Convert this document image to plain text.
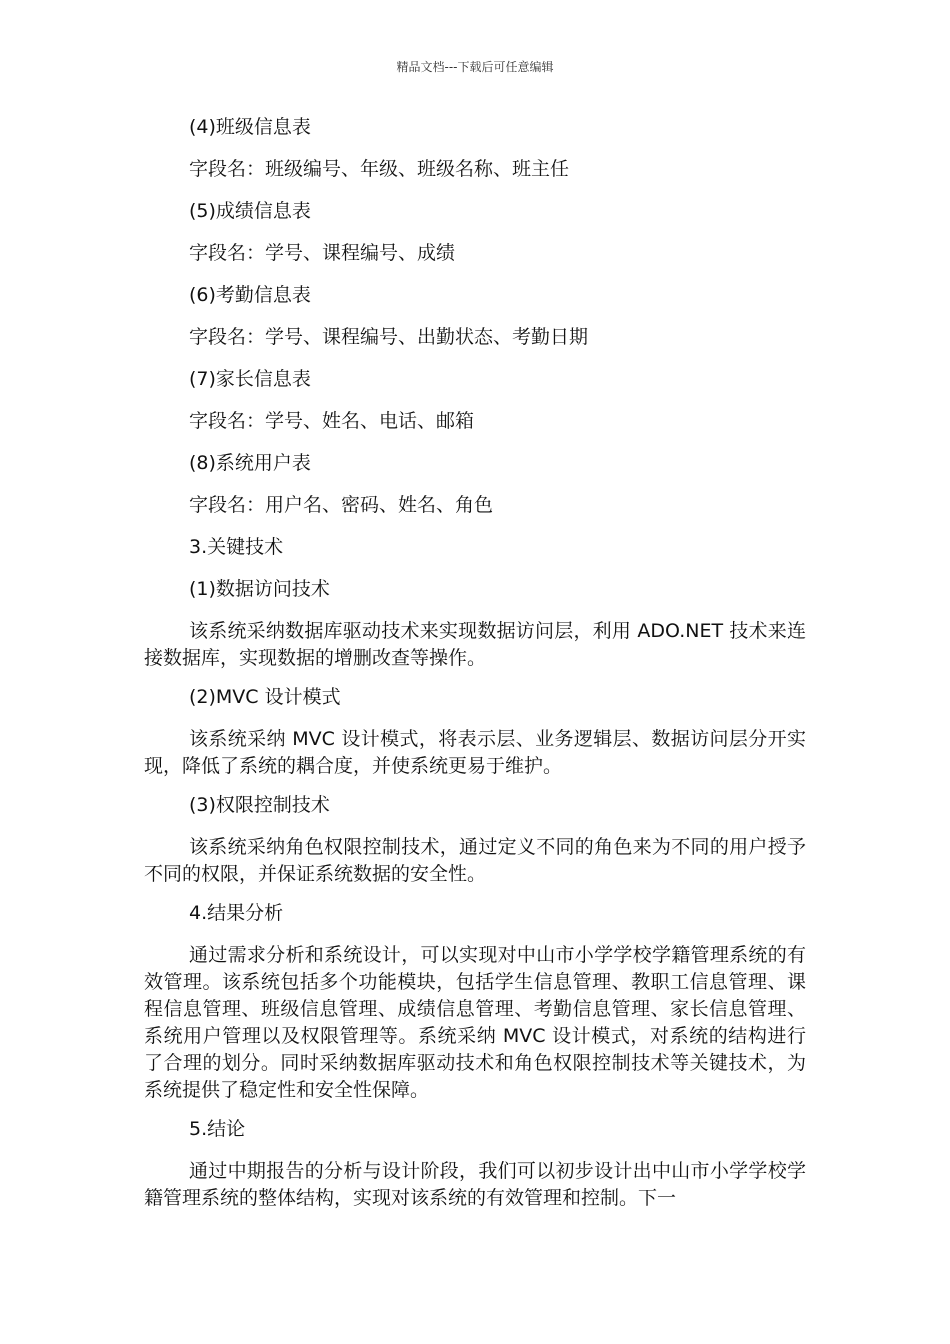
精品文档---下载后可任意编辑
(4)班级信息表
字段名：班级编号、年级、班级名称、班主任
(5)成绩信息表
字段名：学号、课程编号、成绩
(6)考勤信息表
字段名：学号、课程编号、出勤状态、考勤日期
(7)家长信息表
字段名：学号、姓名、电话、邮箱
(8)系统用户表
字段名：用户名、密码、姓名、角色
3.关键技术
(1)数据访问技术
该系统采纳数据库驱动技术来实现数据访问层，利用 ADO.NET 技术来连接数据库，实现数据的增删改查等操作。
(2)MVC 设计模式
该系统采纳 MVC 设计模式，将表示层、业务逻辑层、数据访问层分开实现，降低了系统的耦合度，并使系统更易于维护。
(3)权限控制技术
该系统采纳角色权限控制技术，通过定义不同的角色来为不同的用户授予不同的权限，并保证系统数据的安全性。
4.结果分析
通过需求分析和系统设计，可以实现对中山市小学学校学籍管理系统的有效管理。该系统包括多个功能模块，包括学生信息管理、教职工信息管理、课程信息管理、班级信息管理、成绩信息管理、考勤信息管理、家长信息管理、系统用户管理以及权限管理等。系统采纳 MVC 设计模式，对系统的结构进行了合理的划分。同时采纳数据库驱动技术和角色权限控制技术等关键技术，为系统提供了稳定性和安全性保障。
5.结论
通过中期报告的分析与设计阶段，我们可以初步设计出中山市小学学校学籍管理系统的整体结构，实现对该系统的有效管理和控制。下一
